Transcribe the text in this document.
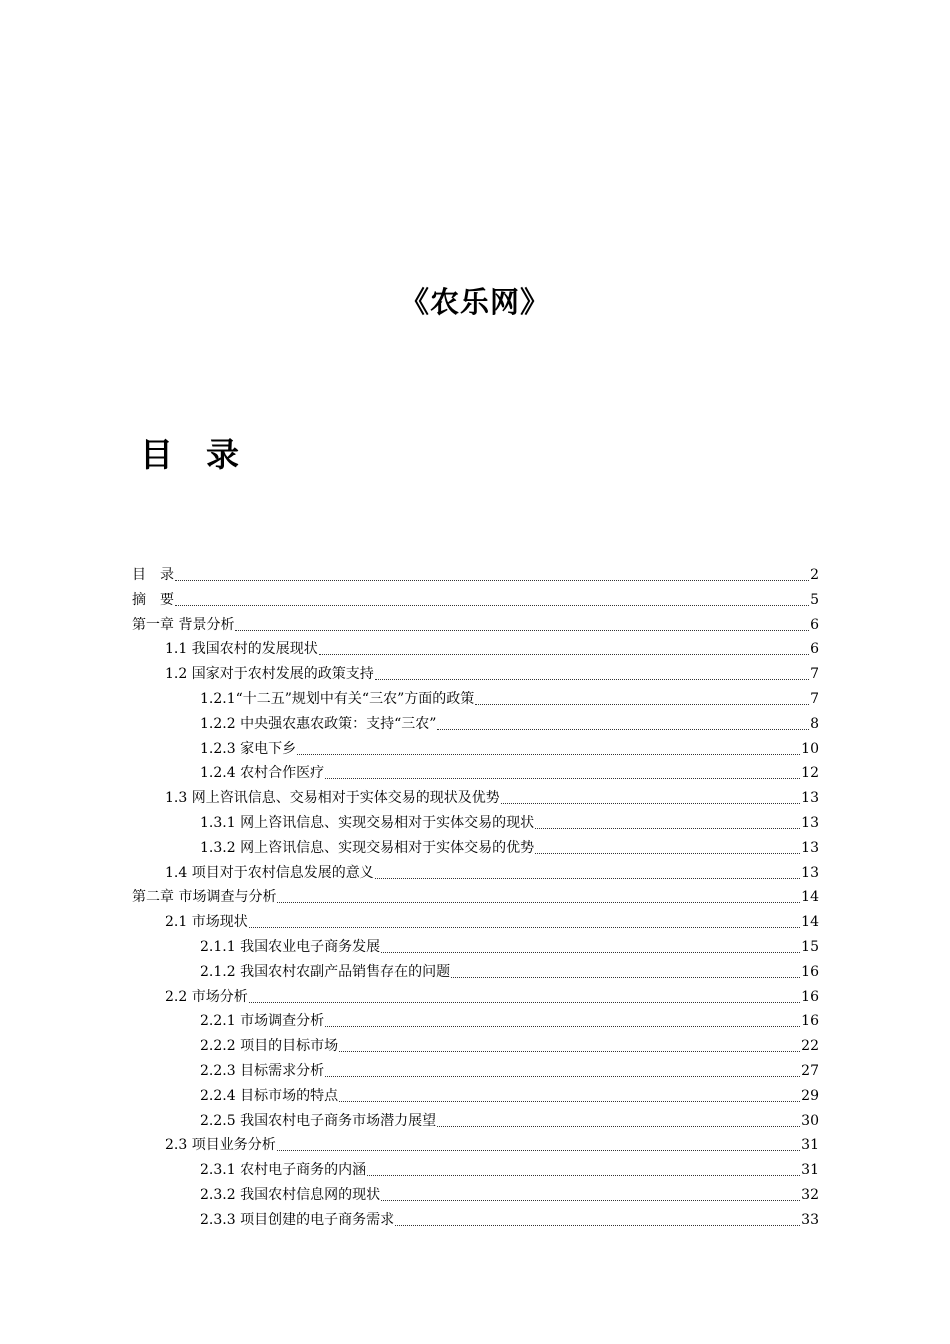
《农乐网》
目 录
目　录	2
摘　要	5
第一章 背景分析	6
1.1 我国农村的发展现状	6
1.2 国家对于农村发展的政策支持	7
1.2.1“十二五”规划中有关“三农”方面的政策	7
1.2.2 中央强农惠农政策：支持“三农”	8
1.2.3 家电下乡	10
1.2.4 农村合作医疗	12
1.3 网上咨讯信息、交易相对于实体交易的现状及优势	13
1.3.1 网上咨讯信息、实现交易相对于实体交易的现状	13
1.3.2 网上咨讯信息、实现交易相对于实体交易的优势	13
1.4 项目对于农村信息发展的意义	13
第二章 市场调查与分析	14
2.1 市场现状	14
2.1.1 我国农业电子商务发展	15
2.1.2 我国农村农副产品销售存在的问题	16
2.2 市场分析	16
2.2.1 市场调查分析	16
2.2.2 项目的目标市场	22
2.2.3 目标需求分析	27
2.2.4 目标市场的特点	29
2.2.5 我国农村电子商务市场潜力展望	30
2.3 项目业务分析	31
2.3.1 农村电子商务的内涵	31
2.3.2 我国农村信息网的现状	32
2.3.3 项目创建的电子商务需求	33
